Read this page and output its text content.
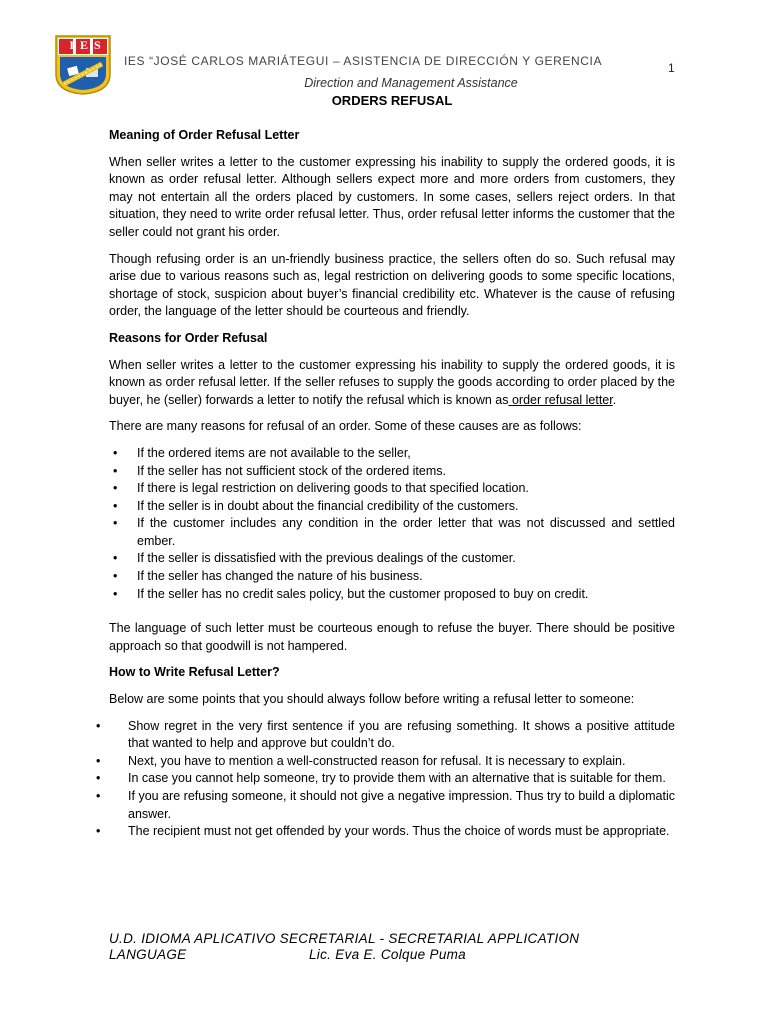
IES
IES “JOSÉ CARLOS MARIÁTEGUI – ASISTENCIA DE DIRECCIÓN Y GERENCIA	1
Direction and Management Assistance
ORDERS REFUSAL
Meaning of Order Refusal Letter

When seller writes a letter to the customer expressing his inability to supply the ordered goods, it is known as order refusal letter. Although sellers expect more and more orders from customers, they may not entertain all the orders placed by customers. In some cases, sellers reject orders. In that situation, they need to write order refusal letter. Thus, order refusal letter informs the customer that the seller could not grant his order.

Though refusing order is an un-friendly business practice, the sellers often do so. Such refusal may arise due to various reasons such as, legal restriction on delivering goods to some specific locations, shortage of stock, suspicion about buyer’s financial credibility etc. Whatever is the cause of refusing order, the language of the letter should be courteous and friendly.

Reasons for Order Refusal

When seller writes a letter to the customer expressing his inability to supply the ordered goods, it is known as order refusal letter. If the seller refuses to supply the goods according to order placed by the buyer, he (seller) forwards a letter to notify the refusal which is known as order refusal letter.

There are many reasons for refusal of an order. Some of these causes are as follows:

• If the ordered items are not available to the seller,
• If the seller has not sufficient stock of the ordered items.
• If there is legal restriction on delivering goods to that specified location.
• If the seller is in doubt about the financial credibility of the customers.
• If the customer includes any condition in the order letter that was not discussed and settled ember.
• If the seller is dissatisfied with the previous dealings of the customer.
• If the seller has changed the nature of his business.
• If the seller has no credit sales policy, but the customer proposed to buy on credit.

The language of such letter must be courteous enough to refuse the buyer. There should be positive approach so that goodwill is not hampered.

How to Write Refusal Letter?

Below are some points that you should always follow before writing a refusal letter to someone:

• Show regret in the very first sentence if you are refusing something. It shows a positive attitude that wanted to help and approve but couldn’t do.
• Next, you have to mention a well-constructed reason for refusal. It is necessary to explain.
• In case you cannot help someone, try to provide them with an alternative that is suitable for them.
• If you are refusing someone, it should not give a negative impression. Thus try to build a diplomatic answer.
• The recipient must not get offended by your words. Thus the choice of words must be appropriate.
U.D. IDIOMA APLICATIVO SECRETARIAL - SECRETARIAL APPLICATION
LANGUAGE	Lic. Eva E. Colque Puma
